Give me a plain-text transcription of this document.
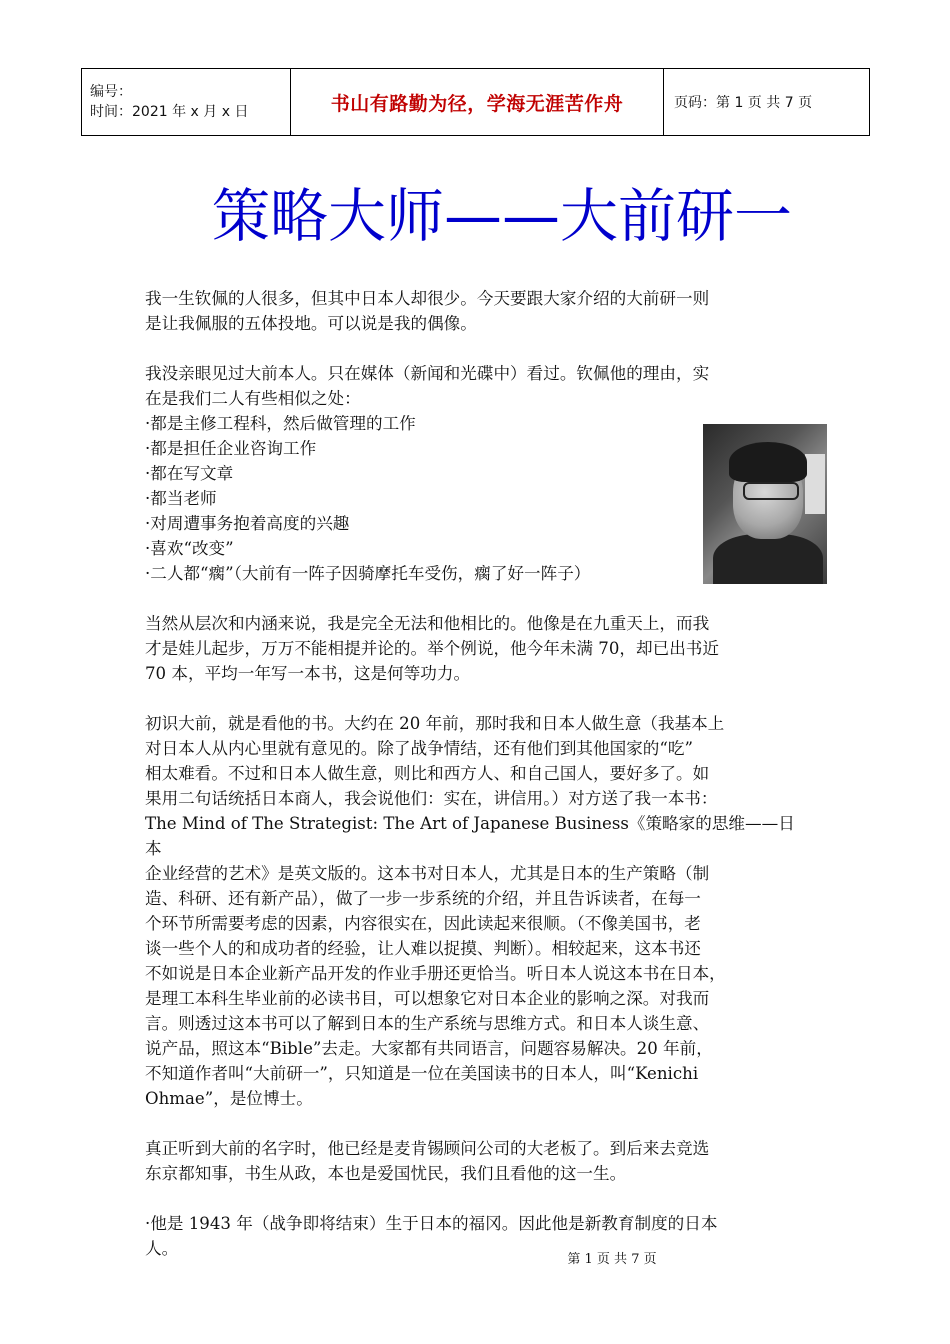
编号：
时间：2021 年 x 月 x 日	书山有路勤为径，学海无涯苦作舟	页码：第 1 页 共 7 页
策略大师——大前研一

我一生钦佩的人很多，但其中日本人却很少。今天要跟大家介绍的大前研一则
是让我佩服的五体投地。可以说是我的偶像。

我没亲眼见过大前本人。只在媒体（新闻和光碟中）看过。钦佩他的理由，实
在是我们二人有些相似之处：

·都是主修工程科，然后做管理的工作
·都是担任企业咨询工作
·都在写文章
·都当老师
·对周遭事务抱着高度的兴趣
·喜欢“改变”
·二人都“瘸”（大前有一阵子因骑摩托车受伤，瘸了好一阵子）

当然从层次和内涵来说，我是完全无法和他相比的。他像是在九重天上，而我
才是娃儿起步，万万不能相提并论的。举个例说，他今年未满 70，却已出书近
70 本，平均一年写一本书，这是何等功力。

初识大前，就是看他的书。大约在 20 年前，那时我和日本人做生意（我基本上
对日本人从内心里就有意见的。除了战争情结，还有他们到其他国家的“吃”
相太难看。不过和日本人做生意，则比和西方人、和自己国人，要好多了。如
果用二句话统括日本商人，我会说他们：实在，讲信用。）对方送了我一本书：
The Mind of The Strategist: The Art of Japanese Business《策略家的思维——日本
企业经营的艺术》是英文版的。这本书对日本人，尤其是日本的生产策略（制
造、科研、还有新产品），做了一步一步系统的介绍，并且告诉读者，在每一
个环节所需要考虑的因素，内容很实在，因此读起来很顺。（不像美国书，老
谈一些个人的和成功者的经验，让人难以捉摸、判断）。相较起来，这本书还
不如说是日本企业新产品开发的作业手册还更恰当。听日本人说这本书在日本，
是理工本科生毕业前的必读书目，可以想象它对日本企业的影响之深。对我而
言。则透过这本书可以了解到日本的生产系统与思维方式。和日本人谈生意、
说产品，照这本“Bible”去走。大家都有共同语言，问题容易解决。20 年前，
不知道作者叫“大前研一”，只知道是一位在美国读书的日本人，叫“Kenichi
Ohmae”，是位博士。

真正听到大前的名字时，他已经是麦肯锡顾问公司的大老板了。到后来去竞选
东京都知事，书生从政，本也是爱国忧民，我们且看他的这一生。

·他是 1943 年（战争即将结束）生于日本的福冈。因此他是新教育制度的日本
人。

第 1 页 共 7 页
